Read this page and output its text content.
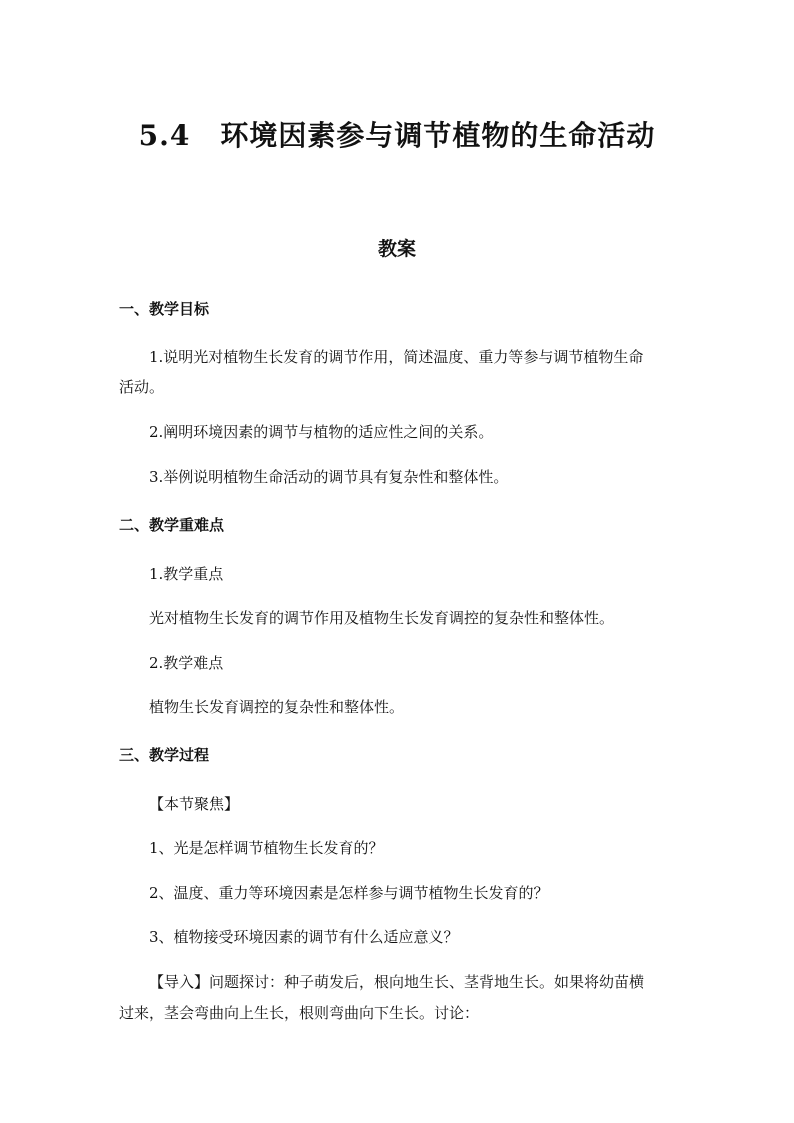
5.4 环境因素参与调节植物的生命活动
教案
一、教学目标
1.说明光对植物生长发育的调节作用，简述温度、重力等参与调节植物生命
活动。
2.阐明环境因素的调节与植物的适应性之间的关系。
3.举例说明植物生命活动的调节具有复杂性和整体性。
二、教学重难点
1.教学重点
光对植物生长发育的调节作用及植物生长发育调控的复杂性和整体性。
2.教学难点
植物生长发育调控的复杂性和整体性。
三、教学过程
【本节聚焦】
1、光是怎样调节植物生长发育的？
2、温度、重力等环境因素是怎样参与调节植物生长发育的？
3、植物接受环境因素的调节有什么适应意义？
【导入】问题探讨：种子萌发后，根向地生长、茎背地生长。如果将幼苗横
过来，茎会弯曲向上生长，根则弯曲向下生长。讨论：
